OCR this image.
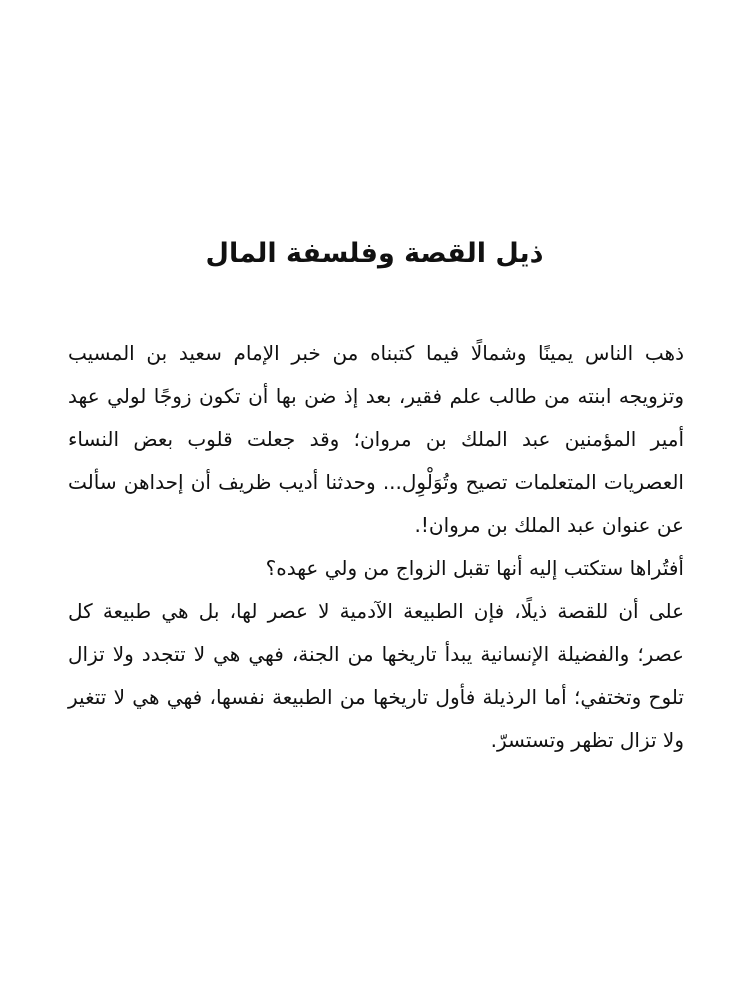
ذيل القصة وفلسفة المال

ذهب الناس يمينًا وشمالًا فيما كتبناه من خبر الإمام سعيد بن المسيب وتزويجه ابنته من طالب علم فقير، بعد إذ ضن بها أن تكون زوجًا لولي عهد أمير المؤمنين عبد الملك بن مروان؛ وقد جعلت قلوب بعض النساء العصريات المتعلمات تصيح وتُوَلْوِل... وحدثنا أديب ظريف أن إحداهن سألت عن عنوان عبد الملك بن مروان!.

أفتُراها ستكتب إليه أنها تقبل الزواج من ولي عهده؟

على أن للقصة ذيلًا، فإن الطبيعة الآدمية لا عصر لها، بل هي طبيعة كل عصر؛ والفضيلة الإنسانية يبدأ تاريخها من الجنة، فهي هي لا تتجدد ولا تزال تلوح وتختفي؛ أما الرذيلة فأول تاريخها من الطبيعة نفسها، فهي هي لا تتغير ولا تزال تظهر وتستسرّ.
